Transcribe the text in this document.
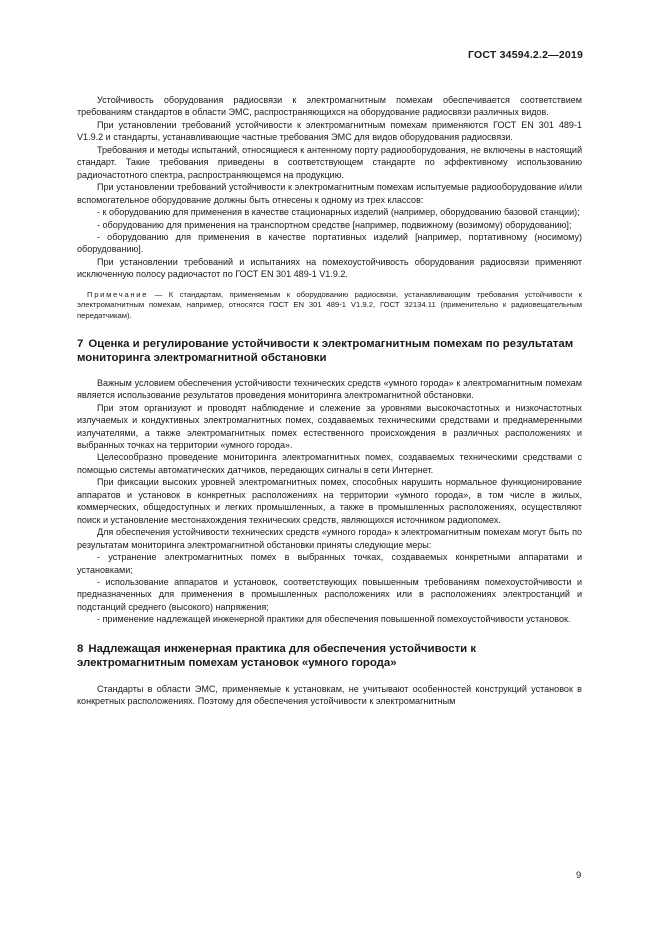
ГОСТ 34594.2.2—2019

Устойчивость оборудования радиосвязи к электромагнитным помехам обеспечивается соответствием требованиям стандартов в области ЭМС, распространяющихся на оборудование радиосвязи различных видов.

При установлении требований устойчивости к электромагнитным помехам применяются ГОСТ EN 301 489-1 V1.9.2 и стандарты, устанавливающие частные требования ЭМС для видов оборудования радиосвязи.

Требования и методы испытаний, относящиеся к антенному порту радиооборудования, не включены в настоящий стандарт. Такие требования приведены в соответствующем стандарте по эффективному использованию радиочастотного спектра, распространяющемся на продукцию.

При установлении требований устойчивости к электромагнитным помехам испытуемые радиооборудование и/или вспомогательное оборудование должны быть отнесены к одному из трех классов:

- к оборудованию для применения в качестве стационарных изделий (например, оборудованию базовой станции);

- оборудованию для применения на транспортном средстве [например, подвижному (возимому) оборудованию];

- оборудованию для применения в качестве портативных изделий [например, портативному (носимому) оборудованию].

При установлении требований и испытаниях на помехоустойчивость оборудования радиосвязи применяют исключенную полосу радиочастот по ГОСТ EN 301 489-1 V1.9.2.

Примечание — К стандартам, применяемым к оборудованию радиосвязи, устанавливающим требования устойчивости к электромагнитным помехам, например, относятся ГОСТ EN 301 489-1 V1.9.2, ГОСТ 32134.11 (применительно к радиовещательным передатчикам).

7 Оценка и регулирование устойчивости к электромагнитным помехам по результатам мониторинга электромагнитной обстановки

Важным условием обеспечения устойчивости технических средств «умного города» к электромагнитным помехам является использование результатов проведения мониторинга электромагнитной обстановки.

При этом организуют и проводят наблюдение и слежение за уровнями высокочастотных и низкочастотных излучаемых и кондуктивных электромагнитных помех, создаваемых техническими средствами и преднамеренными излучателями, а также электромагнитных помех естественного происхождения в различных расположениях и выбранных точках на территории «умного города».

Целесообразно проведение мониторинга электромагнитных помех, создаваемых техническими средствами с помощью системы автоматических датчиков, передающих сигналы в сети Интернет.

При фиксации высоких уровней электромагнитных помех, способных нарушить нормальное функционирование аппаратов и установок в конкретных расположениях на территории «умного города», в том числе в жилых, коммерческих, общедоступных и легких промышленных, а также в промышленных расположениях, осуществляют поиск и установление местонахождения технических средств, являющихся источником радиопомех.

Для обеспечения устойчивости технических средств «умного города» к электромагнитным помехам могут быть по результатам мониторинга электромагнитной обстановки приняты следующие меры:

- устранение электромагнитных помех в выбранных точках, создаваемых конкретными аппаратами и установками;

- использование аппаратов и установок, соответствующих повышенным требованиям помехоустойчивости и предназначенных для применения в промышленных расположениях или в расположениях электростанций и подстанций среднего (высокого) напряжения;

- применение надлежащей инженерной практики для обеспечения повышенной помехоустойчивости установок.

8 Надлежащая инженерная практика для обеспечения устойчивости к электромагнитным помехам установок «умного города»

Стандарты в области ЭМС, применяемые к установкам, не учитывают особенностей конструкций установок в конкретных расположениях. Поэтому для обеспечения устойчивости к электромагнитным

9
